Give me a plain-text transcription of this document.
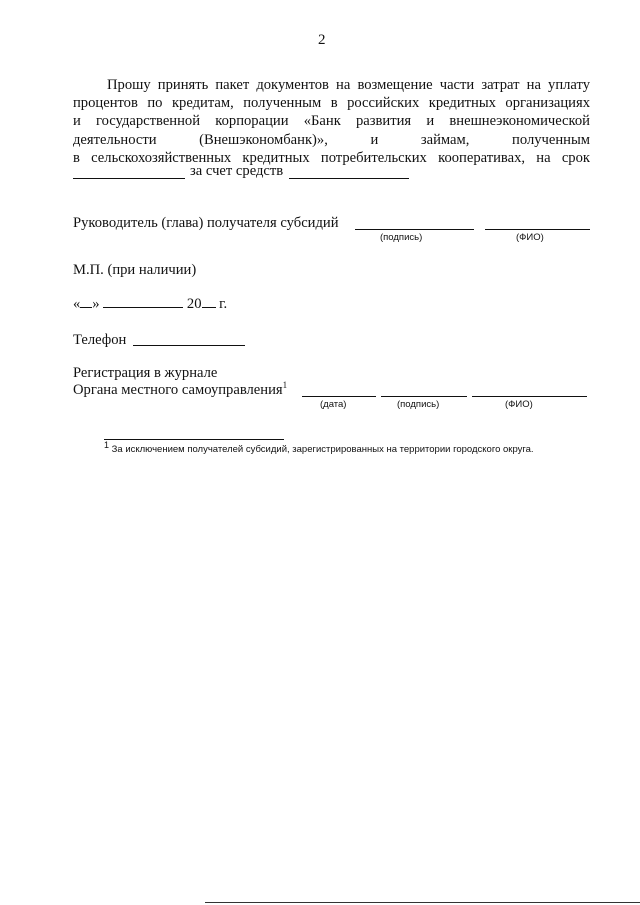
2
Прошу принять пакет документов на возмещение части затрат на уплату
процентов по кредитам, полученным в российских кредитных организациях
и государственной корпорации «Банк развития и внешнеэкономической
деятельности (Внешэкономбанк)», и займам, полученным
в сельскохозяйственных кредитных потребительских кооперативах, на срок
за счет средств
Руководитель (глава) получателя субсидий
(подпись)	(ФИО)
М.П. (при наличии)
« »	20 г.
Телефон
Регистрация в журнале
Органа местного самоуправления$^1$
(дата)	(подпись)	(ФИО)
$^1$ За исключением получателей субсидий, зарегистрированных на территории городского округа.
